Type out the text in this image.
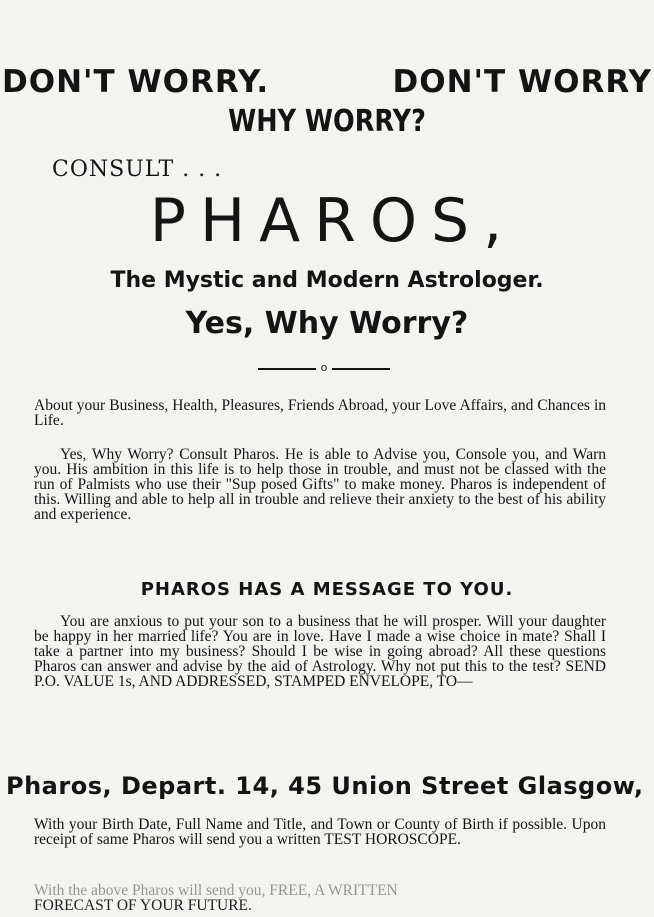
DON'T WORRY.	DON'T WORRY
WHY WORRY?
CONSULT . . .
PHAROS,
The Mystic and Modern Astrologer.
Yes, Why Worry?
o

About your Business, Health, Pleasures, Friends Abroad, your Love Affairs, and Chances in Life.

Yes, Why Worry? Consult Pharos. He is able to Advise you, Console you, and Warn you. His ambition in this life is to help those in trouble, and must not be classed with the run of Palmists who use their "Sup posed Gifts" to make money. Pharos is independent of this. Willing and able to help all in trouble and relieve their anxiety to the best of his ability and experience.

PHAROS HAS A MESSAGE TO YOU.

You are anxious to put your son to a business that he will prosper. Will your daughter be happy in her married life? You are in love. Have I made a wise choice in mate? Shall I take a partner into my business? Should I be wise in going abroad? All these questions Pharos can answer and advise by the aid of Astrology. Why not put this to the test? SEND P.O. VALUE 1s, AND ADDRESSED, STAMPED ENVELOPE, TO—

Pharos, Depart. 14, 45 Union Street Glasgow,

With your Birth Date, Full Name and Title, and Town or County of Birth if possible. Upon receipt of same Pharos will send you a written TEST HOROSCOPE.

With the above Pharos will send you, FREE, A WRITTEN
FORECAST OF YOUR FUTURE.
